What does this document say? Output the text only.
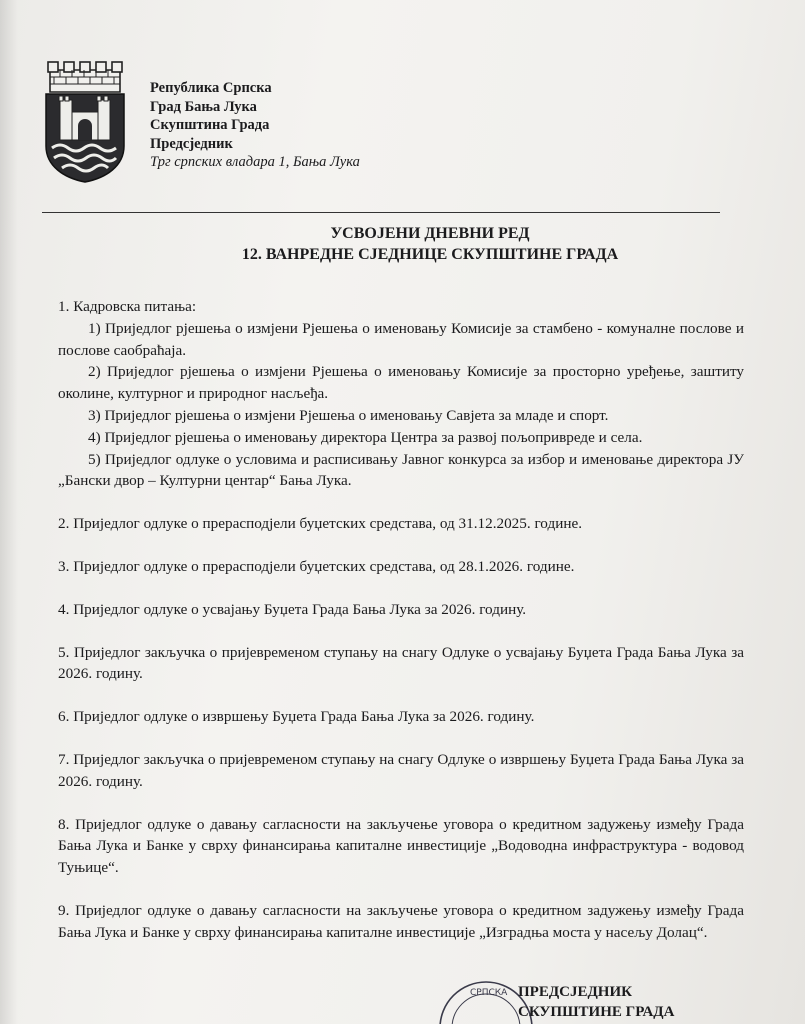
Република Српска
Град Бања Лука
Скупштина Града
Предсједник
Трг српских владара 1, Бања Лука
УСВОЈЕНИ ДНЕВНИ РЕД
12. ВАНРЕДНЕ СЈЕДНИЦЕ СКУПШТИНЕ ГРАДА
1. Кадровска питања:
1) Приједлог рјешења о измјени Рјешења о именовању Комисије за стамбено - комуналне послове и послове саобраћаја.
2) Приједлог рјешења о измјени Рјешења о именовању Комисије за просторно уређење, заштиту околине, културног и природног насљеђа.
3) Приједлог рјешења о измјени Рјешења о именовању Савјета за младе и спорт.
4) Приједлог рјешења о именовању директора Центра за развој пољопривреде и села.
5) Приједлог одлуке о условима и расписивању Јавног конкурса за избор и именовање директора ЈУ „Бански двор – Културни центар“ Бања Лука.
2. Приједлог одлуке о прерасподјели буџетских средстава, од 31.12.2025. године.
3. Приједлог одлуке о прерасподјели буџетских средстава, од 28.1.2026. године.
4. Приједлог одлуке о усвајању Буџета Града Бања Лука за 2026. годину.
5. Приједлог закључка о пријевременом ступању на снагу Одлуке о усвајању Буџета Града Бања Лука за 2026. годину.
6. Приједлог одлуке о извршењу Буџета Града Бања Лука за 2026. годину.
7. Приједлог закључка о пријевременом ступању на снагу Одлуке о извршењу Буџета Града Бања Лука за 2026. годину.
8. Приједлог одлуке о давању сагласности на закључење уговора о кредитном задужењу између Града Бања Лука и Банке у сврху финансирања капиталне инвестиције „Водоводна инфраструктура - водовод Туњице“.
9. Приједлог одлуке о давању сагласности на закључење уговора о кредитном задужењу између Града Бања Лука и Банке у сврху финансирања капиталне инвестиције „Изградња моста у насељу Долац“.
СРПСКА ПРЕДСЈЕДНИК
СКУПШТИНЕ ГРАДА
